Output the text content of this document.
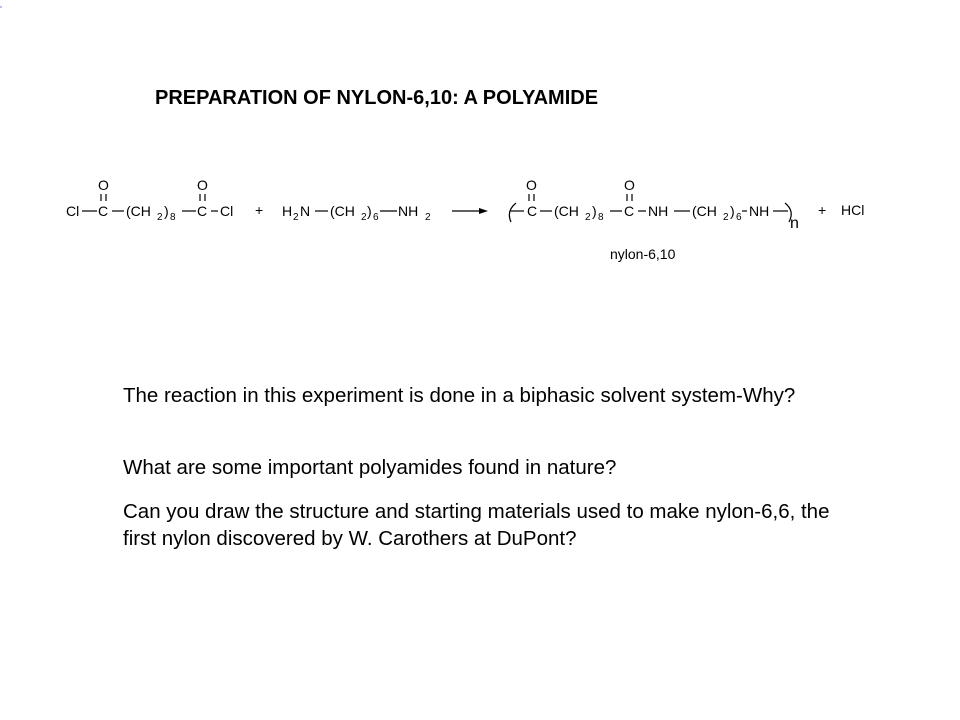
PREPARATION OF NYLON-6,10: A POLYAMIDE
Cl C
O
(CH 2 ) 8 C
O
Cl + H 2 N (CH 2 ) 6 NH 2	C
O
(CH 2 ) 8 C
O
NH (CH 2 ) 6 NH
n
+ HCl
nylon-6,10

The reaction in this experiment is done in a biphasic solvent system-Why?

What are some important polyamides found in nature?

Can you draw the structure and starting materials used to make nylon-6,6, the first nylon discovered by W. Carothers at DuPont?
